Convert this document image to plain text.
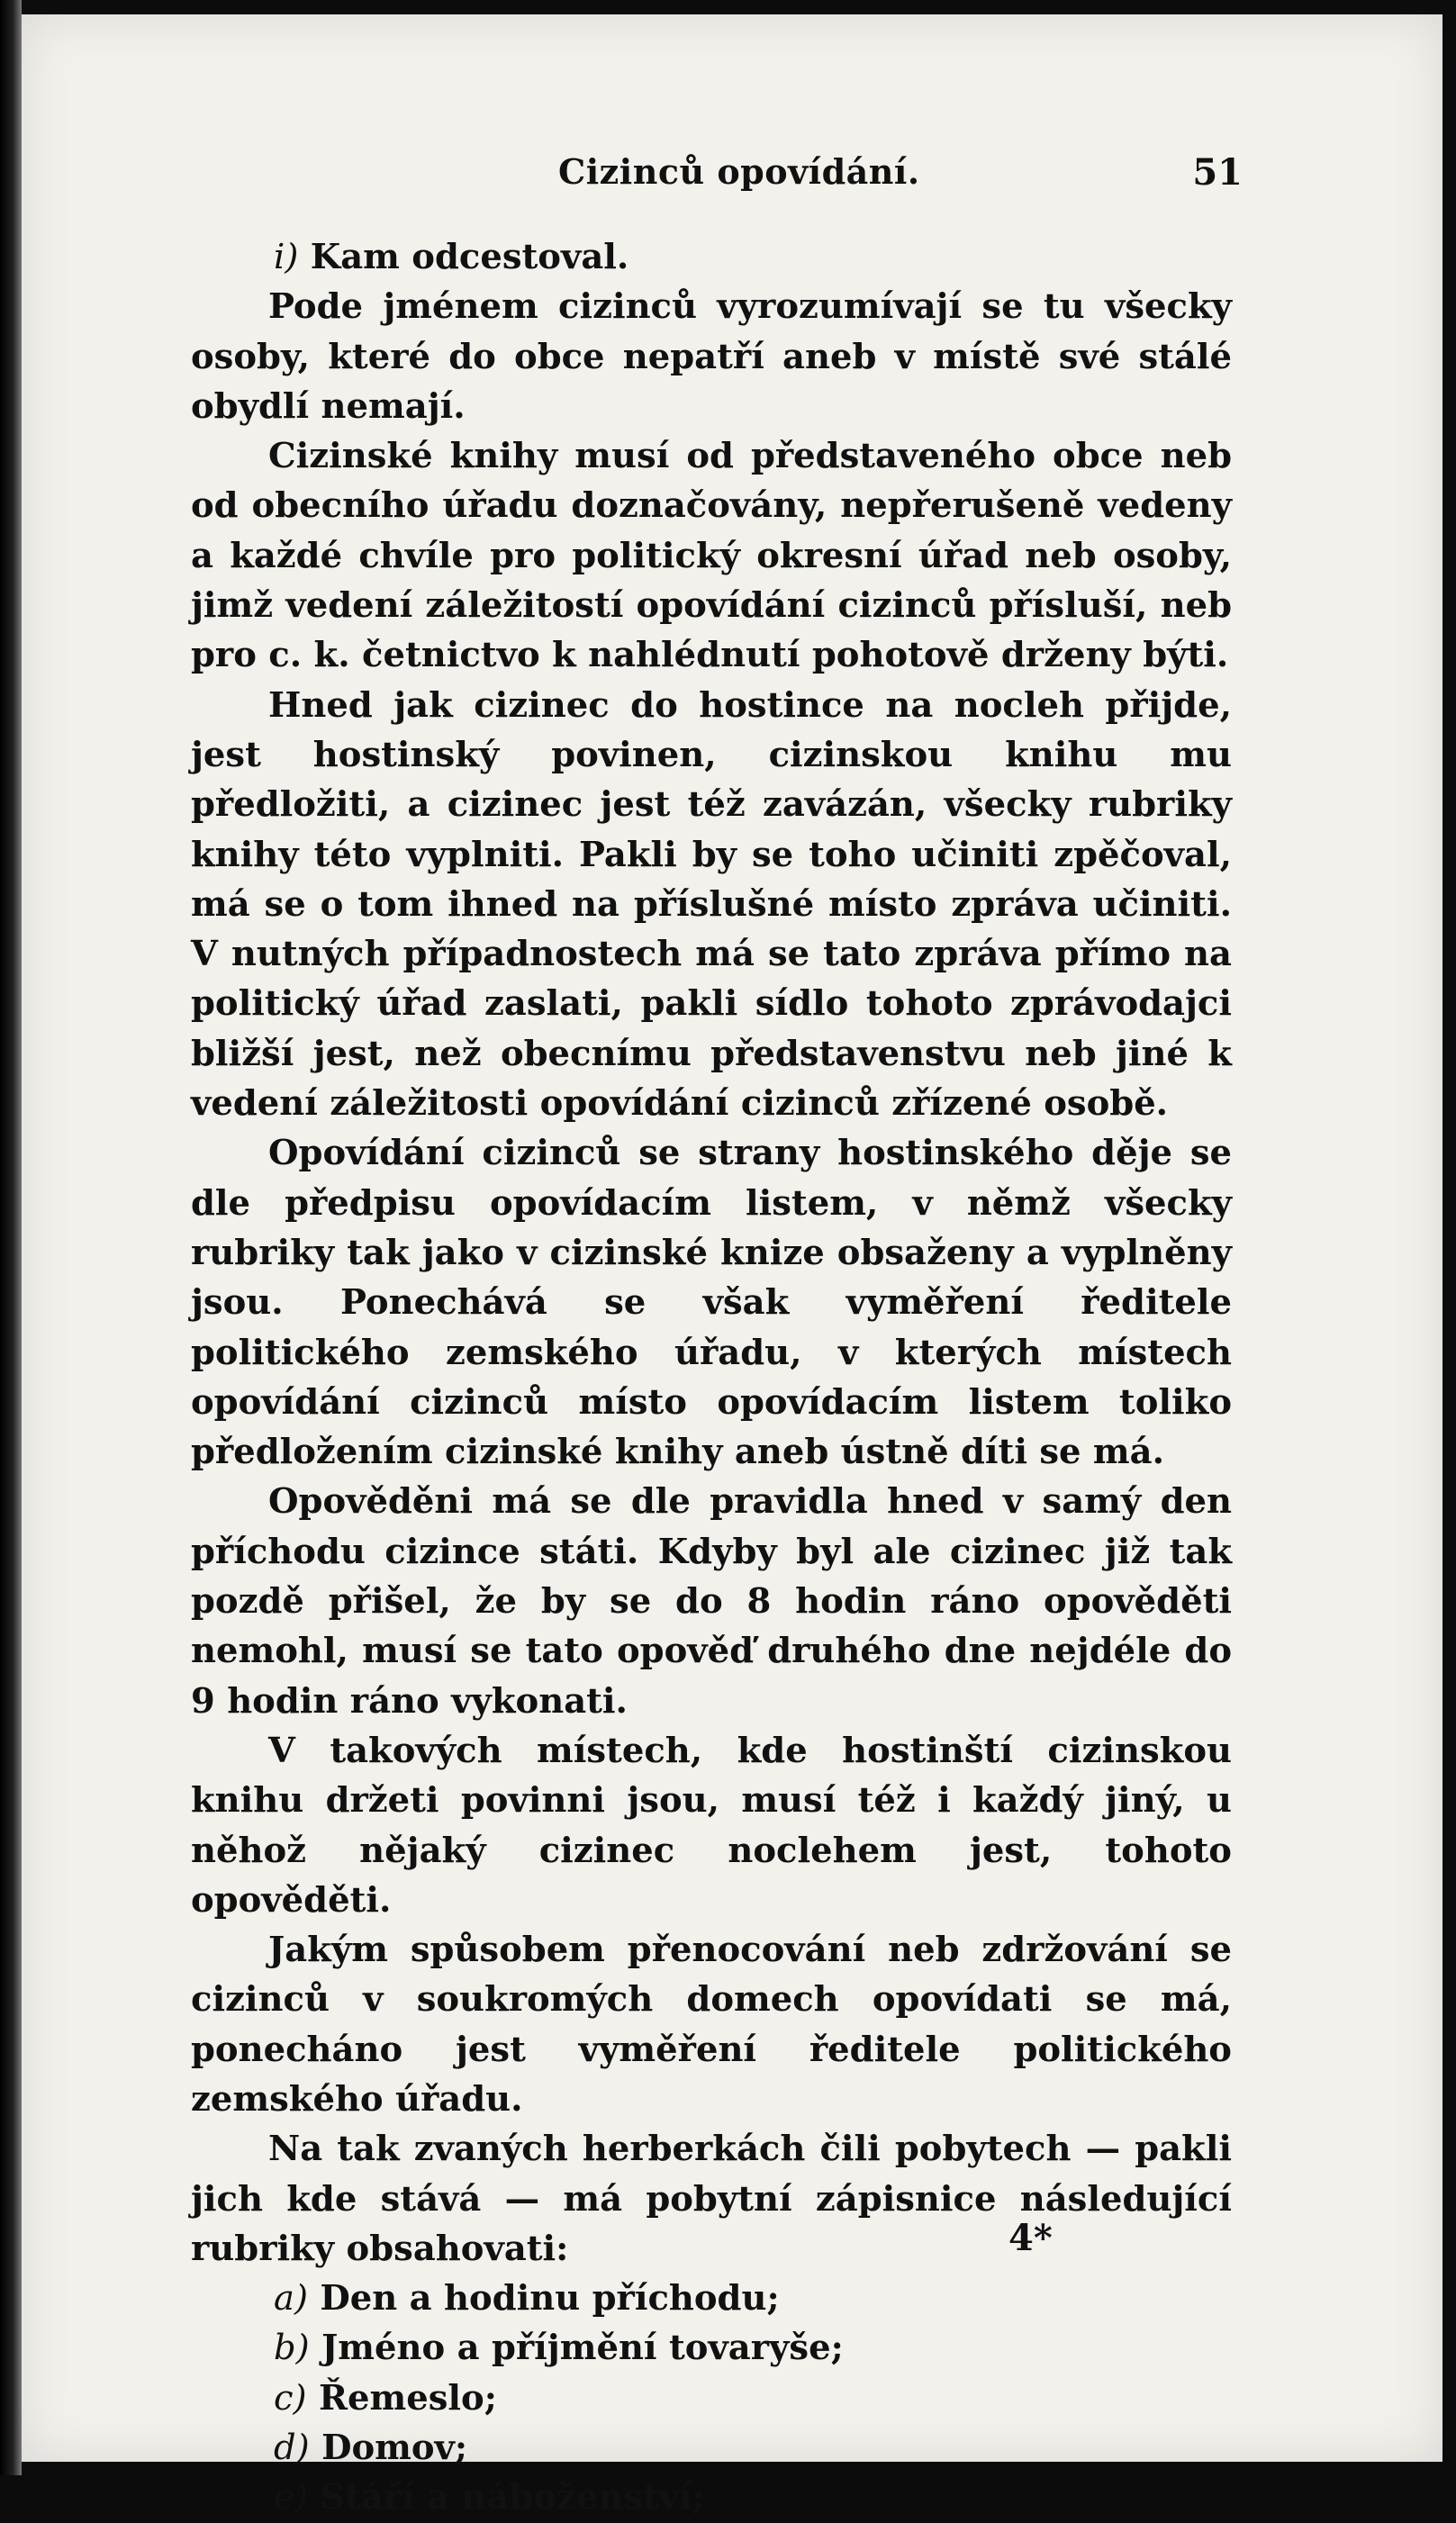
Cizinců opovídání.	51

i) Kam odcestoval.

Pode jménem cizinců vyrozumívají se tu všecky osoby, které do obce nepatří aneb v místě své stálé obydlí nemají.

Cizinské knihy musí od představeného obce neb od obecního úřadu doznačovány, nepřerušeně vedeny a každé chvíle pro politický okresní úřad neb osoby, jimž vedení záležitostí opovídání cizinců přísluší, neb pro c. k. četnictvo k nahlédnutí pohotově drženy býti.

Hned jak cizinec do hostince na nocleh přijde, jest hostinský povinen, cizinskou knihu mu předložiti, a cizinec jest též zavázán, všecky rubriky knihy této vyplniti. Pakli by se toho učiniti zpěčoval, má se o tom ihned na příslušné místo zpráva učiniti. V nutných případnostech má se tato zpráva přímo na politický úřad zaslati, pakli sídlo tohoto zprávodajci bližší jest, než obecnímu představenstvu neb jiné k vedení záležitosti opovídání cizinců zřízené osobě.

Opovídání cizinců se strany hostinského děje se dle předpisu opovídacím listem, v němž všecky rubriky tak jako v cizinské knize obsaženy a vyplněny jsou. Ponechává se však vyměření ředitele politického zemského úřadu, v kterých místech opovídání cizinců místo opovídacím listem toliko předložením cizinské knihy aneb ústně díti se má.

Opověděni má se dle pravidla hned v samý den příchodu cizince státi. Kdyby byl ale cizinec již tak pozdě přišel, že by se do 8 hodin ráno opověděti nemohl, musí se tato opověď druhého dne nejdéle do 9 hodin ráno vykonati.

V takových místech, kde hostinští cizinskou knihu držeti povinni jsou, musí též i každý jiný, u něhož nějaký cizinec noclehem jest, tohoto opověděti.

Jakým spůsobem přenocování neb zdržování se cizinců v soukromých domech opovídati se má, ponecháno jest vyměření ředitele politického zemského úřadu.

Na tak zvaných herberkách čili pobytech — pakli jich kde stává — má pobytní zápisnice následující rubriky obsahovati:

a) Den a hodinu příchodu;

b) Jméno a příjmění tovaryše;

c) Řemeslo;

d) Domov;

e) Stáří a náboženství;

4*
